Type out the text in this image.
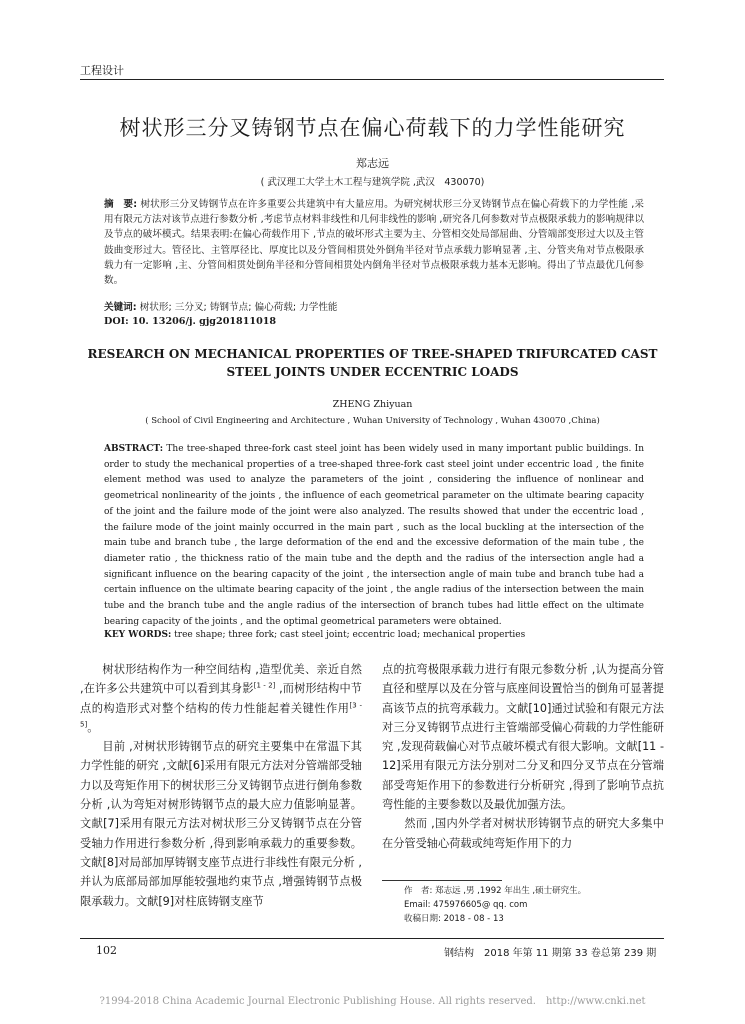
工程设计
树状形三分叉铸钢节点在偏心荷载下的力学性能研究
郑志远
( 武汉理工大学土木工程与建筑学院 ,武汉　430070)
摘　要: 树状形三分叉铸钢节点在许多重要公共建筑中有大量应用。为研究树状形三分叉铸钢节点在偏心荷载下的力学性能 ,采用有限元方法对该节点进行参数分析 ,考虑节点材料非线性和几何非线性的影响 ,研究各几何参数对节点极限承载力的影响规律以及节点的破坏模式。结果表明:在偏心荷载作用下 ,节点的破坏形式主要为主、分管相交处局部屈曲、分管端部变形过大以及主管鼓曲变形过大。管径比、主管厚径比、厚度比以及分管间相贯处外倒角半径对节点承载力影响显著 ,主、分管夹角对节点极限承载力有一定影响 ,主、分管间相贯处倒角半径和分管间相贯处内倒角半径对节点极限承载力基本无影响。得出了节点最优几何参数。
关键词: 树状形; 三分叉; 铸钢节点; 偏心荷载; 力学性能
DOI: 10. 13206/j. gjg201811018
RESEARCH ON MECHANICAL PROPERTIES OF TREE-SHAPED TRIFURCATED CAST
STEEL JOINTS UNDER ECCENTRIC LOADS
ZHENG Zhiyuan
( School of Civil Engineering and Architecture , Wuhan University of Technology , Wuhan 430070 ,China)
ABSTRACT: The tree-shaped three-fork cast steel joint has been widely used in many important public buildings. In order to study the mechanical properties of a tree-shaped three-fork cast steel joint under eccentric load , the finite element method was used to analyze the parameters of the joint , considering the influence of nonlinear and geometrical nonlinearity of the joints , the influence of each geometrical parameter on the ultimate bearing capacity of the joint and the failure mode of the joint were also analyzed. The results showed that under the eccentric load , the failure mode of the joint mainly occurred in the main part , such as the local buckling at the intersection of the main tube and branch tube , the large deformation of the end and the excessive deformation of the main tube , the diameter ratio , the thickness ratio of the main tube and the depth and the radius of the intersection angle had a significant influence on the bearing capacity of the joint , the intersection angle of main tube and branch tube had a certain influence on the ultimate bearing capacity of the joint , the angle radius of the intersection between the main tube and the branch tube and the angle radius of the intersection of branch tubes had little effect on the ultimate bearing capacity of the joints , and the optimal geometrical parameters were obtained.
KEY WORDS: tree shape; three fork; cast steel joint; eccentric load; mechanical properties

树状形结构作为一种空间结构 ,造型优美、亲近自然 ,在许多公共建筑中可以看到其身影[1 - 2] ,而树形结构中节点的构造形式对整个结构的传力性能起着关键性作用[3 - 5]。

目前 ,对树状形铸钢节点的研究主要集中在常温下其力学性能的研究 ,文献[6]采用有限元方法对分管端部受轴力以及弯矩作用下的树状形三分叉铸钢节点进行倒角参数分析 ,认为弯矩对树形铸钢节点的最大应力值影响显著。文献[7]采用有限元方法对树状形三分叉铸钢节点在分管受轴力作用进行参数分析 ,得到影响承载力的重要参数。文献[8]对局部加厚铸钢支座节点进行非线性有限元分析 ,并认为底部局部加厚能较强地约束节点 ,增强铸钢节点极限承载力。文献[9]对柱底铸钢支座节

点的抗弯极限承载力进行有限元参数分析 ,认为提高分管直径和壁厚以及在分管与底座间设置恰当的倒角可显著提高该节点的抗弯承载力。文献[10]通过试验和有限元方法对三分叉铸钢节点进行主管端部受偏心荷载的力学性能研究 ,发现荷载偏心对节点破坏模式有很大影响。文献[11 - 12]采用有限元方法分别对二分叉和四分叉节点在分管端部受弯矩作用下的参数进行分析研究 ,得到了影响节点抗弯性能的主要参数以及最优加强方法。

然而 ,国内外学者对树状形铸钢节点的研究大多集中在分管受轴心荷载或纯弯矩作用下的力

作　者: 郑志远 ,男 ,1992 年出生 ,硕士研究生。
Email: 475976605@ qq. com
收稿日期: 2018 - 08 - 13
102	钢结构　2018 年第 11 期第 33 卷总第 239 期
?1994-2018 China Academic Journal Electronic Publishing House. All rights reserved.　http://www.cnki.net
